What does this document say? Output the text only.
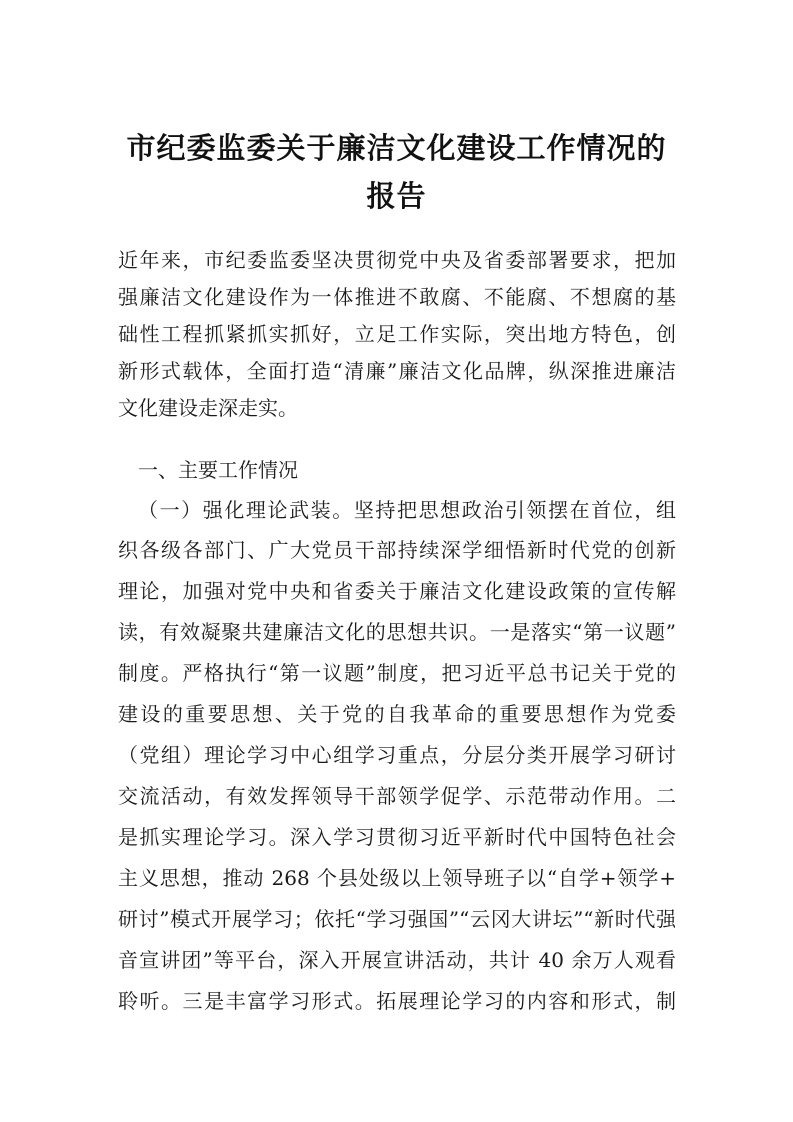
市纪委监委关于廉洁文化建设工作情况的
报告
近年来，市纪委监委坚决贯彻党中央及省委部署要求，把加
强廉洁文化建设作为一体推进不敢腐、不能腐、不想腐的基
础性工程抓紧抓实抓好，立足工作实际，突出地方特色，创
新形式载体，全面打造“清廉”廉洁文化品牌，纵深推进廉洁
文化建设走深走实。
一、主要工作情况
（一）强化理论武装。坚持把思想政治引领摆在首位，组
织各级各部门、广大党员干部持续深学细悟新时代党的创新
理论，加强对党中央和省委关于廉洁文化建设政策的宣传解
读，有效凝聚共建廉洁文化的思想共识。一是落实“第一议题”
制度。严格执行“第一议题”制度，把习近平总书记关于党的
建设的重要思想、关于党的自我革命的重要思想作为党委
（党组）理论学习中心组学习重点，分层分类开展学习研讨
交流活动，有效发挥领导干部领学促学、示范带动作用。二
是抓实理论学习。深入学习贯彻习近平新时代中国特色社会
主义思想，推动 268 个县处级以上领导班子以“自学+领学+
研讨”模式开展学习；依托“学习强国”“云冈大讲坛”“新时代强
音宣讲团”等平台，深入开展宣讲活动，共计 40 余万人观看
聆听。三是丰富学习形式。拓展理论学习的内容和形式，制
